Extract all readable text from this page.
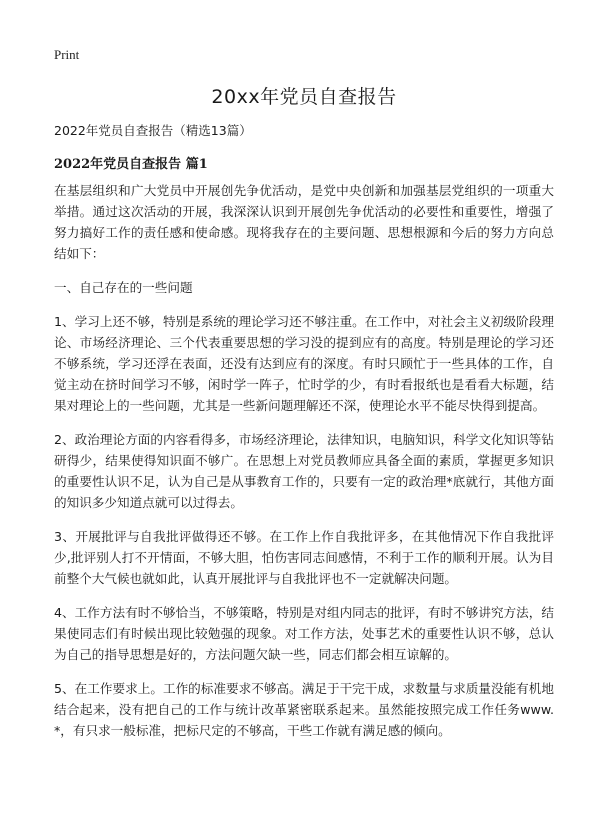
Print
20xx年党员自查报告

2022年党员自查报告（精选13篇）

2022年党员自查报告 篇1

在基层组织和广大党员中开展创先争优活动，是党中央创新和加强基层党组织的一项重大举措。通过这次活动的开展，我深深认识到开展创先争优活动的必要性和重要性，增强了努力搞好工作的责任感和使命感。现将我存在的主要问题、思想根源和今后的努力方向总结如下：

一、自己存在的一些问题

1、学习上还不够，特别是系统的理论学习还不够注重。在工作中，对社会主义初级阶段理论、市场经济理论、三个代表重要思想的学习没的提到应有的高度。特别是理论的学习还不够系统，学习还浮在表面，还没有达到应有的深度。有时只顾忙于一些具体的工作，自觉主动在挤时间学习不够，闲时学一阵子，忙时学的少，有时看报纸也是看看大标题，结果对理论上的一些问题，尤其是一些新问题理解还不深，使理论水平不能尽快得到提高。

2、政治理论方面的内容看得多，市场经济理论，法律知识，电脑知识，科学文化知识等钻研得少，结果使得知识面不够广。在思想上对党员教师应具备全面的素质，掌握更多知识的重要性认识不足，认为自己是从事教育工作的，只要有一定的政治理*底就行，其他方面的知识多少知道点就可以过得去。

3、开展批评与自我批评做得还不够。在工作上作自我批评多，在其他情况下作自我批评少,批评别人打不开情面，不够大胆，怕伤害同志间感情，不利于工作的顺利开展。认为目前整个大气候也就如此，认真开展批评与自我批评也不一定就解决问题。

4、工作方法有时不够恰当，不够策略，特别是对组内同志的批评，有时不够讲究方法，结果使同志们有时候出现比较勉强的现象。对工作方法，处事艺术的重要性认识不够，总认为自己的指导思想是好的，方法问题欠缺一些，同志们都会相互谅解的。

5、在工作要求上。工作的标准要求不够高。满足于干完干成，求数量与求质量没能有机地结合起来，没有把自己的工作与统计改革紧密联系起来。虽然能按照完成工作任务www.*，有只求一般标准，把标尺定的不够高，干些工作就有满足感的倾向。
